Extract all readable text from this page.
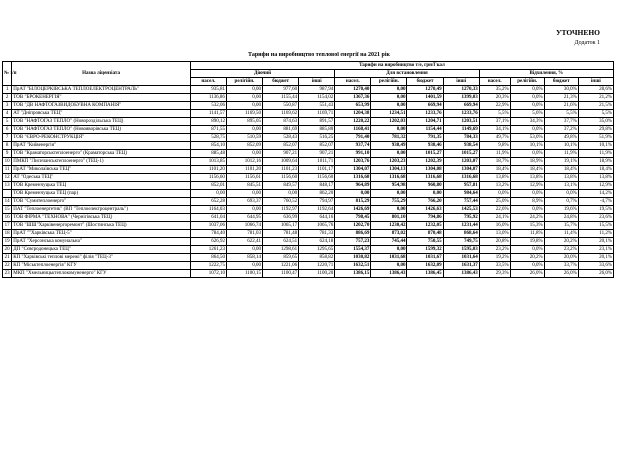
УТОЧНЕНО
Додаток 1
Тарифи на виробництво теплової енергії на 2021 рік
№ з/п	Назва ліцензіата	Тарифи на виробництво т/е, грн/Гкал											
		Діючий				Для встановлення				Відхилення, %			
		насел.	релігійн.	бюджет	інші	насел.	релігійн.	бюджет	інші	насел.	релігійн.	бюджет	інші
1	ПрАТ "БІЛОЦЕРКІВСЬКА ТЕПЛОЕЛЕКТРОЦЕНТРАЛЬ"	935,81	0,00	977,60	987,94	1270,40	0,00	1270,49	1270,33	35,2%	0,0%	30,0%	28,6%
2	ТОВ "БРОКЕНЕРГІЯ"	1136,86	0,00	1155,44	1154,02	1367,36	0,00	1401,59	1399,03	20,3%	0,0%	21,3%	21,2%
3	ТОВ "ДВ НАФТОГАЗВИДОБУВНА КОМПАНІЯ"	532,06	0,00	550,87	551,43	653,99	0,00	669,94	669,94	22,9%	0,0%	21,6%	21,5%
4	АТ "Дніпровська ТЕЦ"	1141,57	1169,50	1169,62	1169,71	1204,38	1234,51	1233,76	1233,76	5,5%	5,6%	5,5%	5,5%
5	ТОВ "НАФТОГАЗ ТЕПЛО" (Новороздільська ТЕЦ)	890,12	895,05	874,63	891,57	1220,22	1202,03	1204,71	1203,51	37,1%	34,3%	37,7%	35,0%
6	ТОВ "НАФТОГАЗ ТЕПЛО" (Новояворівська ТЕЦ)	871,55	0,00	881,69	885,80	1168,41	0,00	1154,44	1149,69	34,1%	0,0%	37,2%	29,8%
7	ТОВ "ЄВРО-РЕКОНСТРУКЦІЯ"	528,75	510,59	528,43	516,25	791,40	781,32	791,35	784,33	49,7%	53,0%	49,8%	51,9%
8	ПрАТ "Київенергія"	854,10	852,09	852,07	852,07	937,74	938,49	938,46	938,54	9,8%	10,1%	10,1%	10,1%
9	ТОВ "Краматорськтеплоенерго" (Краматорська ТЕЦ)	885,48	0,00	907,21	907,21	991,10	0,00	1015,27	1015,27	11,9%	0,0%	11,9%	11,9%
10	ПМКП "Лисичанськтеплоенерго" (ТЕЦ-1)	1013,85	1012,16	1009,64	1011,71	1203,76	1203,23	1202,39	1203,07	18,7%	18,9%	19,1%	18,9%
11	ПрАТ "Миколаївська ТЕЦ"	1101,20	1101,20	1101,23	1101,17	1304,07	1304,13	1304,08	1304,07	18,4%	18,4%	18,4%	18,4%
12	АТ "Одеська ТЕЦ"	1156,60	1156,61	1156,60	1156,60	1316,68	1316,68	1316,68	1316,68	13,8%	13,8%	13,8%	13,8%
13	ТОВ Кременчуцька ТЕЦ	852,01	845,51	849,57	848,17	964,89	954,98	960,80	957,81	13,2%	12,9%	13,1%	12,9%
	ТОВ Кременчуцька ТЕЦ (пар)	0,00	0,00	0,00	862,20	0,00	0,00	0,00	984,64	0,0%	0,0%	0,0%	14,2%
14	ТОВ "Сумитеплоенерго"	652,28	693,37	760,52	794,97	815,29	755,29	766,20	757,44	25,0%	8,9%	0,7%	-4,7%
15	ПАТ "Теплоенергетик" (ВП "Теплоелектроцентраль")	1164,03	0,00	1192,97	1192,64	1426,69	0,00	1426,63	1425,53	22,6%	0,0%	19,6%	19,5%
16	ТОВ ФІРМА "ТЕХНОВА" (Чернігівська ТЕЦ)	641,04	644,95	636,99	644,16	798,45	801,10	794,86	795,92	24,1%	24,2%	24,8%	23,6%
17	ТОВ "ШШ"Харківенергоремонт" (Шостинська ТЕЦ)	1037,06	1066,74	1065,17	1065,76	1202,70	1230,42	1232,05	1231,44	16,0%	15,3%	15,7%	15,5%
18	ПрАТ ""Харківська ТЕЦ-5"	784,40	781,03	781,48	781,33	886,69	873,02	870,48	868,64	13,0%	11,8%	11,4%	11,2%
19	ПрАТ "Херсонська комунальна"	626,92	622,41	624,51	624,18	757,23	745,44	750,55	749,75	20,8%	19,8%	20,2%	20,1%
20	ДП "Сєвєродонецька ТЕЦ"	1261,23	0,00	1298,61	1295,65	1554,37	0,00	1599,32	1595,03	23,2%	0,0%	23,2%	23,1%
21	КП "Харківські теплові мережі" філія "ТЕЦ-3"	864,50	858,14	859,65	858,82	1030,82	1031,68	1031,67	1031,64	19,2%	20,2%	20,0%	20,1%
22	КП "Міськтеплоенергія" КГУ	1222,75	0,00	1221,06	1220,71	1632,51	0,00	1632,09	1631,37	33,5%	0,0%	33,7%	33,6%
23	МКП "Хмельницьктеплокомуненерго" КГУ	1072,10	1100,15	1100,47	1100,20	1386,15	1386,43	1386,45	1386,43	29,3%	26,0%	26,0%	26,0%
